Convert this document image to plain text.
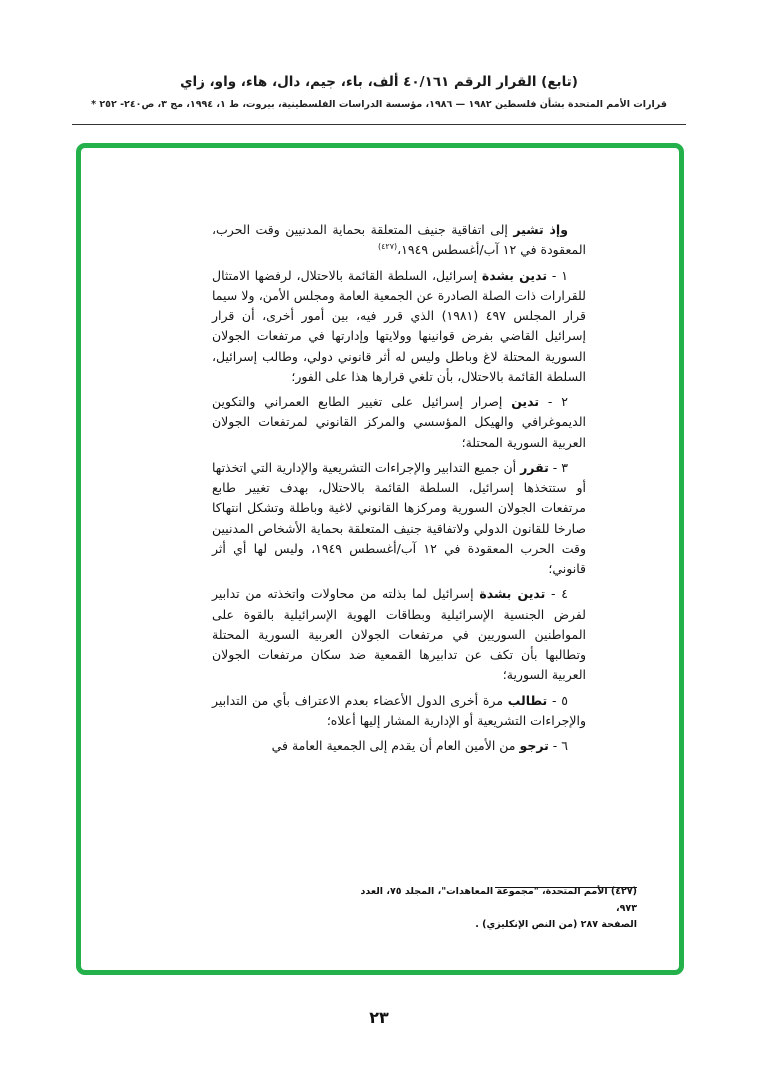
(تابع) القرار الرقم ٤٠/١٦١ ألف، باء، جيم، دال، هاء، واو، زاي
قرارات الأمم المتحدة بشأن فلسطين ١٩٨٢ — ١٩٨٦، مؤسسة الدراسات الفلسطينية، بيروت، ط ١، ١٩٩٤، مج ٣، ص٢٤٠- ٢٥٢ *
وإذ تشير إلى اتفاقية جنيف المتعلقة بحماية المدنيين وقت الحرب، المعقودة في ١٢ آب/أغسطس ١٩٤٩،$^{(٤٢٧)}$
١ - تدين بشدة إسرائيل، السلطة القائمة بالاحتلال، لرفضها الامتثال للقرارات ذات الصلة الصادرة عن الجمعية العامة ومجلس الأمن، ولا سيما قرار المجلس ٤٩٧ (١٩٨١) الذي قرر فيه، بين أمور أخرى، أن قرار إسرائيل القاضي بفرض قوانينها وولايتها وإدارتها في مرتفعات الجولان السورية المحتلة لاغ وباطل وليس له أثر قانوني دولي، وطالب إسرائيل، السلطة القائمة بالاحتلال، بأن تلغي قرارها هذا على الفور؛
٢ - تدين إصرار إسرائيل على تغيير الطابع العمراني والتكوين الديموغرافي والهيكل المؤسسي والمركز القانوني لمرتفعات الجولان العربية السورية المحتلة؛
٣ - تقرر أن جميع التدابير والإجراءات التشريعية والإدارية التي اتخذتها أو ستتخذها إسرائيل، السلطة القائمة بالاحتلال، بهدف تغيير طابع مرتفعات الجولان السورية ومركزها القانوني لاغية وباطلة وتشكل انتهاكا صارخا للقانون الدولي ولاتفاقية جنيف المتعلقة بحماية الأشخاص المدنيين وقت الحرب المعقودة في ١٢ آب/أغسطس ١٩٤٩، وليس لها أي أثر قانوني؛
٤ - تدين بشدة إسرائيل لما بذلته من محاولات واتخذته من تدابير لفرض الجنسية الإسرائيلية وبطاقات الهوية الإسرائيلية بالقوة على المواطنين السوريين في مرتفعات الجولان العربية السورية المحتلة وتطالبها بأن تكف عن تدابيرها القمعية ضد سكان مرتفعات الجولان العربية السورية؛
٥ - تطالب مرة أخرى الدول الأعضاء بعدم الاعتراف بأي من التدابير والإجراءات التشريعية أو الإدارية المشار إليها أعلاه؛
٦ - ترجو من الأمين العام أن يقدم إلى الجمعية العامة في
(٤٢٧) الأمم المتحدة، "مجموعة المعاهدات"، المجلد ٧٥، العدد ٩٧٣،
الصفحة ٢٨٧ (من النص الإنكليزي) .
٢٣
